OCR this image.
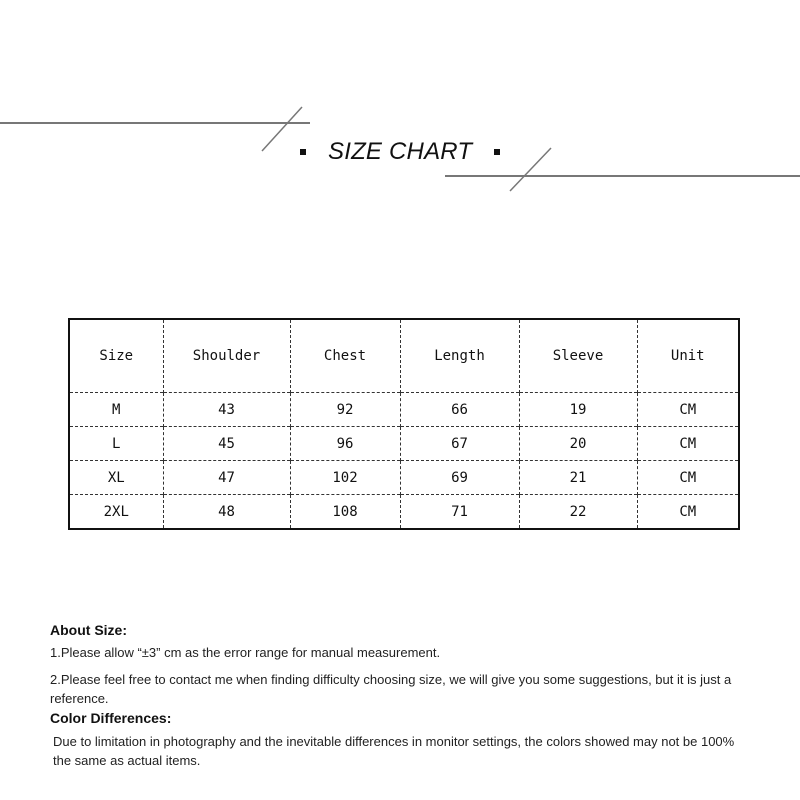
SIZE CHART
Size	Shoulder	Chest	Length	Sleeve	Unit
M	43	92	66	19	CM
L	45	96	67	20	CM
XL	47	102	69	21	CM
2XL	48	108	71	22	CM
About Size:

1.Please allow “±3” cm as the error range for manual measurement.

2.Please feel free to contact me when finding difficulty choosing size, we will give you some suggestions, but it is just a reference.

Color Differences:

Due to limitation in photography and the inevitable differences in monitor settings, the colors showed may not be 100% the same as actual items.
